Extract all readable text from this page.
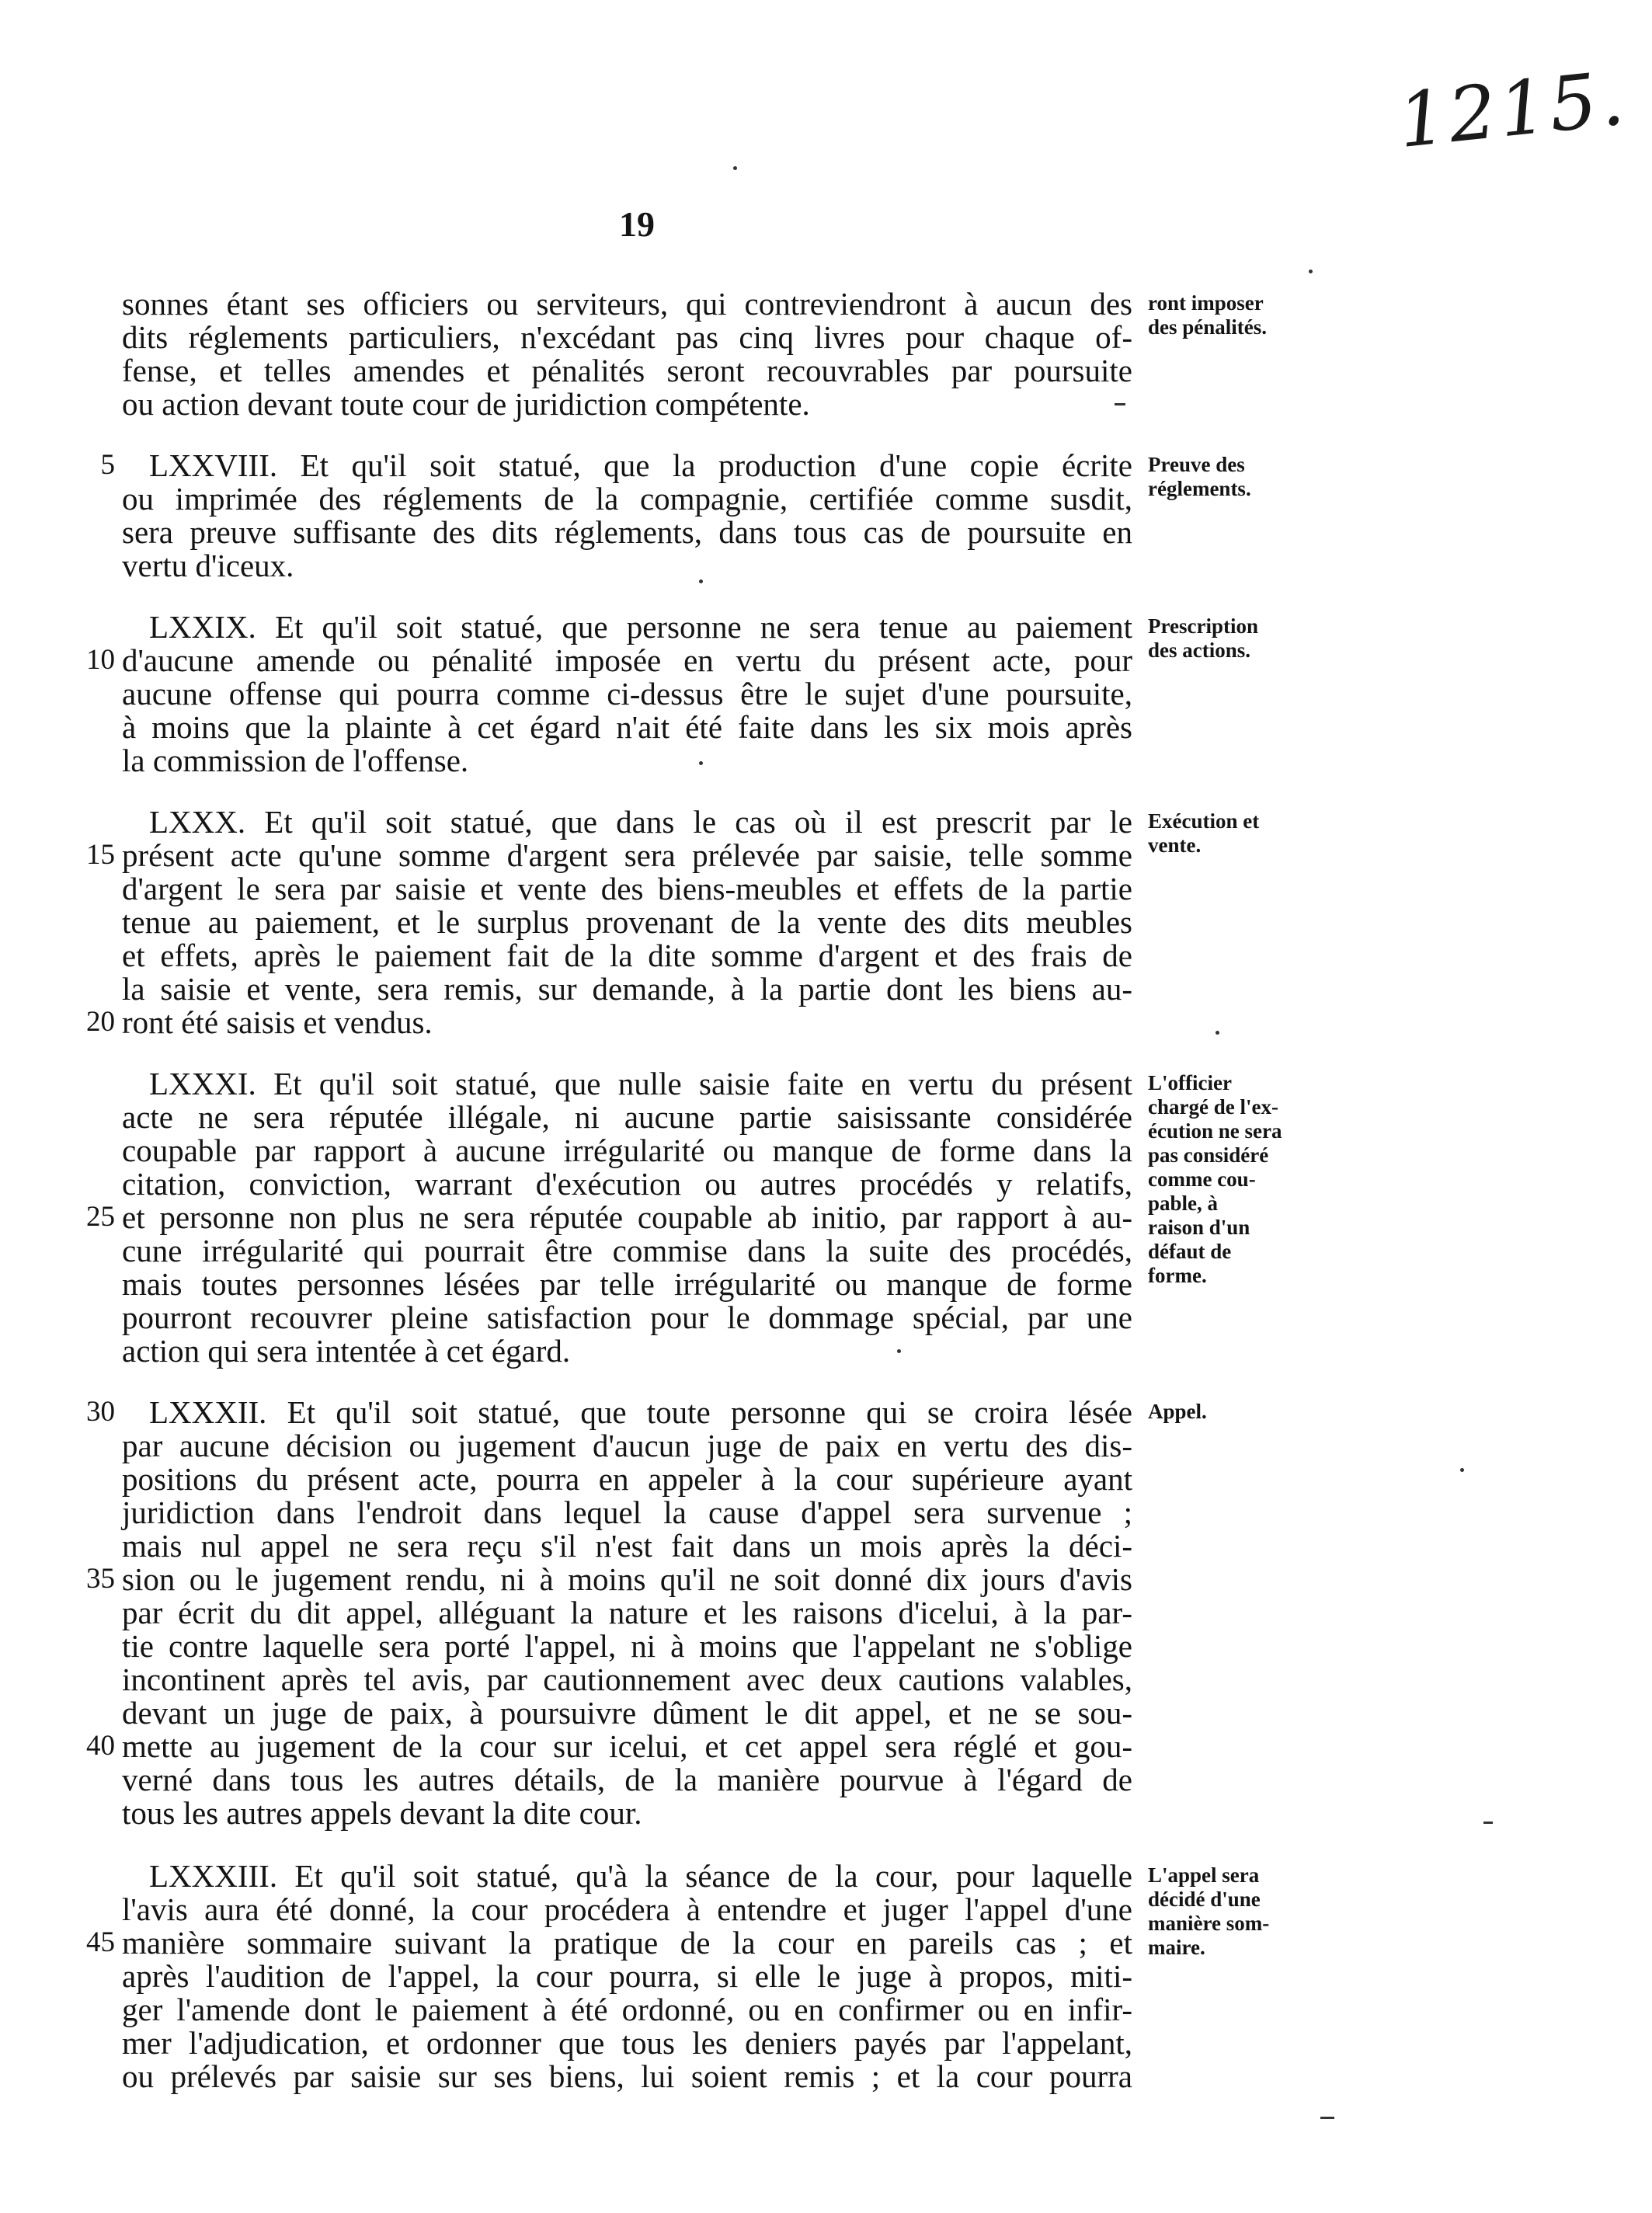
1215.
19
sonnes étant ses officiers ou serviteurs, qui contreviendront à aucun des
dits réglements particuliers, n'excédant pas cinq livres pour chaque of-
fense, et telles amendes et pénalités seront recouvrables par poursuite
ou action devant toute cour de juridiction compétente.
LXXVIII. Et qu'il soit statué, que la production d'une copie écrite
ou imprimée des réglements de la compagnie, certifiée comme susdit,
sera preuve suffisante des dits réglements, dans tous cas de poursuite en
vertu d'iceux.
LXXIX. Et qu'il soit statué, que personne ne sera tenue au paiement
d'aucune amende ou pénalité imposée en vertu du présent acte, pour
aucune offense qui pourra comme ci-dessus être le sujet d'une poursuite,
à moins que la plainte à cet égard n'ait été faite dans les six mois après
la commission de l'offense.
LXXX. Et qu'il soit statué, que dans le cas où il est prescrit par le
présent acte qu'une somme d'argent sera prélevée par saisie, telle somme
d'argent le sera par saisie et vente des biens-meubles et effets de la partie
tenue au paiement, et le surplus provenant de la vente des dits meubles
et effets, après le paiement fait de la dite somme d'argent et des frais de
la saisie et vente, sera remis, sur demande, à la partie dont les biens au-
ront été saisis et vendus.
LXXXI. Et qu'il soit statué, que nulle saisie faite en vertu du présent
acte ne sera réputée illégale, ni aucune partie saisissante considérée
coupable par rapport à aucune irrégularité ou manque de forme dans la
citation, conviction, warrant d'exécution ou autres procédés y relatifs,
et personne non plus ne sera réputée coupable ab initio, par rapport à au-
cune irrégularité qui pourrait être commise dans la suite des procédés,
mais toutes personnes lésées par telle irrégularité ou manque de forme
pourront recouvrer pleine satisfaction pour le dommage spécial, par une
action qui sera intentée à cet égard.
LXXXII. Et qu'il soit statué, que toute personne qui se croira lésée
par aucune décision ou jugement d'aucun juge de paix en vertu des dis-
positions du présent acte, pourra en appeler à la cour supérieure ayant
juridiction dans l'endroit dans lequel la cause d'appel sera survenue ;
mais nul appel ne sera reçu s'il n'est fait dans un mois après la déci-
sion ou le jugement rendu, ni à moins qu'il ne soit donné dix jours d'avis
par écrit du dit appel, alléguant la nature et les raisons d'icelui, à la par-
tie contre laquelle sera porté l'appel, ni à moins que l'appelant ne s'oblige
incontinent après tel avis, par cautionnement avec deux cautions valables,
devant un juge de paix, à poursuivre dûment le dit appel, et ne se sou-
mette au jugement de la cour sur icelui, et cet appel sera réglé et gou-
verné dans tous les autres détails, de la manière pourvue à l'égard de
tous les autres appels devant la dite cour.
LXXXIII. Et qu'il soit statué, qu'à la séance de la cour, pour laquelle
l'avis aura été donné, la cour procédera à entendre et juger l'appel d'une
manière sommaire suivant la pratique de la cour en pareils cas ; et
après l'audition de l'appel, la cour pourra, si elle le juge à propos, miti-
ger l'amende dont le paiement à été ordonné, ou en confirmer ou en infir-
mer l'adjudication, et ordonner que tous les deniers payés par l'appelant,
ou prélevés par saisie sur ses biens, lui soient remis ; et la cour pourra
5
10
15
20
25
30
35
40
45
ront imposer
des pénalités.
Preuve des
réglements.
Prescription
des actions.
Exécution et
vente.
L'officier
chargé de l'ex-
écution ne sera
pas considéré
comme cou-
pable, à
raison d'un
défaut de
forme.
Appel.
L'appel sera
décidé d'une
manière som-
maire.
